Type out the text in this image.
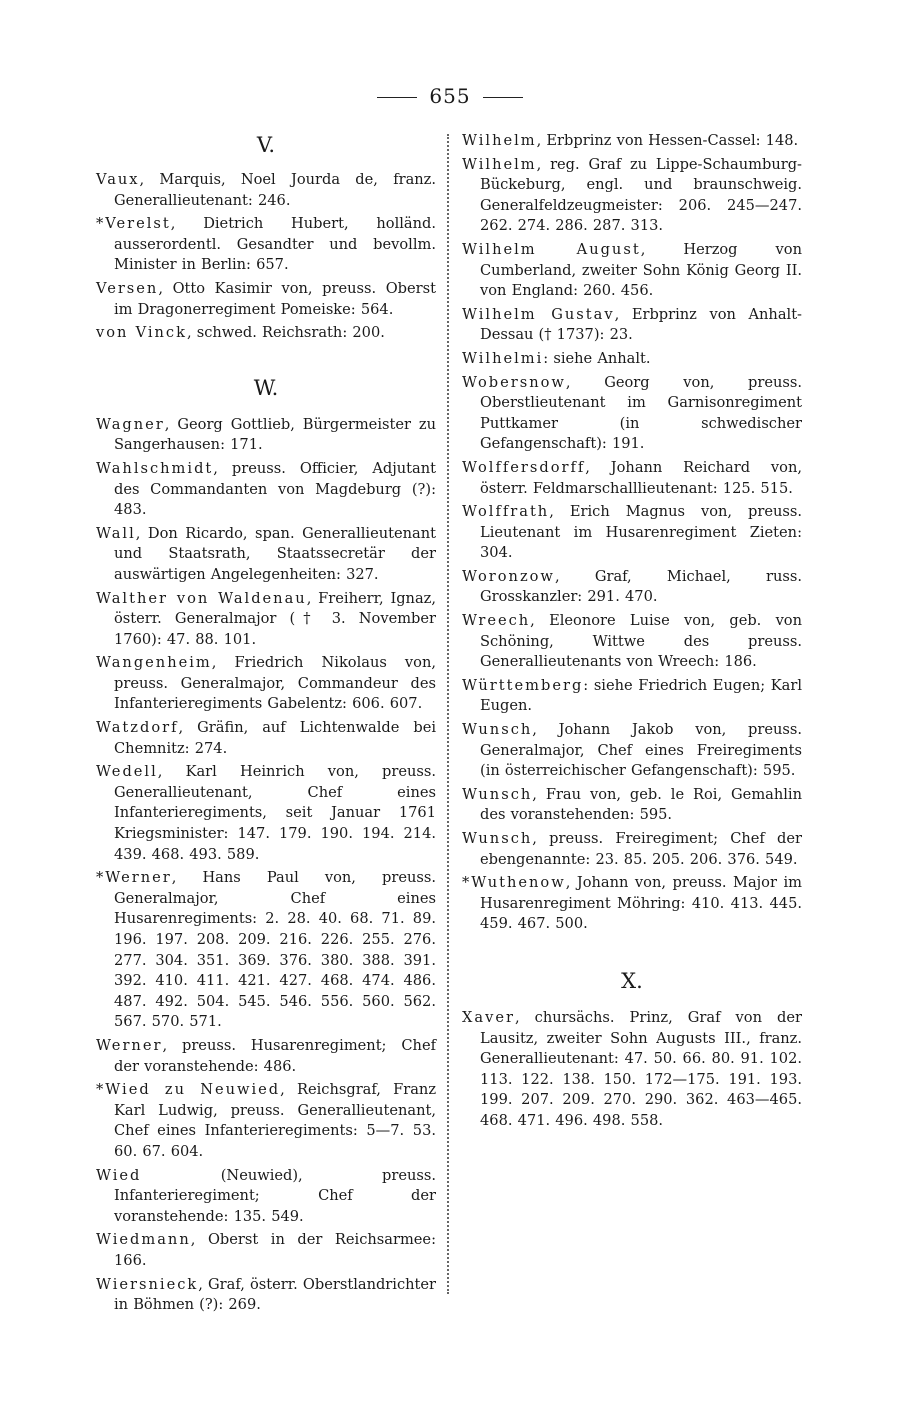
655
V.

Vaux, Marquis, Noel Jourda de, franz. Generallieutenant: 246.

*Verelst, Dietrich Hubert, holländ. ausserordentl. Gesandter und bevollm. Minister in Berlin: 657.

Versen, Otto Kasimir von, preuss. Oberst im Dragonerregiment Pomeiske: 564.

von Vinck, schwed. Reichsrath: 200.

W.

Wagner, Georg Gottlieb, Bürgermeister zu Sangerhausen: 171.

Wahlschmidt, preuss. Officier, Adjutant des Commandanten von Magdeburg (?): 483.

Wall, Don Ricardo, span. Generallieutenant und Staatsrath, Staatssecretär der auswärtigen Angelegenheiten: 327.

Walther von Waldenau, Freiherr, Ignaz, österr. Generalmajor († 3. November 1760): 47. 88. 101.

Wangenheim, Friedrich Nikolaus von, preuss. Generalmajor, Commandeur des Infanterieregiments Gabelentz: 606. 607.

Watzdorf, Gräfin, auf Lichtenwalde bei Chemnitz: 274.

Wedell, Karl Heinrich von, preuss. Generallieutenant, Chef eines Infanterieregiments, seit Januar 1761 Kriegsminister: 147. 179. 190. 194. 214. 439. 468. 493. 589.

*Werner, Hans Paul von, preuss. Generalmajor, Chef eines Husarenregiments: 2. 28. 40. 68. 71. 89. 196. 197. 208. 209. 216. 226. 255. 276. 277. 304. 351. 369. 376. 380. 388. 391. 392. 410. 411. 421. 427. 468. 474. 486. 487. 492. 504. 545. 546. 556. 560. 562. 567. 570. 571.

Werner, preuss. Husarenregiment; Chef der voranstehende: 486.

*Wied zu Neuwied, Reichsgraf, Franz Karl Ludwig, preuss. Generallieutenant, Chef eines Infanterieregiments: 5—7. 53. 60. 67. 604.

Wied (Neuwied), preuss. Infanterieregiment; Chef der voranstehende: 135. 549.

Wiedmann, Oberst in der Reichsarmee: 166.

Wiersnieck, Graf, österr. Oberstlandrichter in Böhmen (?): 269.

Wilhelm, Erbprinz von Hessen-Cassel: 148.

Wilhelm, reg. Graf zu Lippe-Schaumburg-Bückeburg, engl. und braunschweig. Generalfeldzeugmeister: 206. 245—247. 262. 274. 286. 287. 313.

Wilhelm August, Herzog von Cumberland, zweiter Sohn König Georg II. von England: 260. 456.

Wilhelm Gustav, Erbprinz von Anhalt-Dessau († 1737): 23.

Wilhelmi: siehe Anhalt.

Wobersnow, Georg von, preuss. Oberstlieutenant im Garnisonregiment Puttkamer (in schwedischer Gefangenschaft): 191.

Wolffersdorff, Johann Reichard von, österr. Feldmarschalllieutenant: 125. 515.

Wolffrath, Erich Magnus von, preuss. Lieutenant im Husarenregiment Zieten: 304.

Woronzow, Graf, Michael, russ. Grosskanzler: 291. 470.

Wreech, Eleonore Luise von, geb. von Schöning, Wittwe des preuss. Generallieutenants von Wreech: 186.

Württemberg: siehe Friedrich Eugen; Karl Eugen.

Wunsch, Johann Jakob von, preuss. Generalmajor, Chef eines Freiregiments (in österreichischer Gefangenschaft): 595.

Wunsch, Frau von, geb. le Roi, Gemahlin des voranstehenden: 595.

Wunsch, preuss. Freiregiment; Chef der ebengenannte: 23. 85. 205. 206. 376. 549.

*Wuthenow, Johann von, preuss. Major im Husarenregiment Möhring: 410. 413. 445. 459. 467. 500.

X.

Xaver, chursächs. Prinz, Graf von der Lausitz, zweiter Sohn Augusts III., franz. Generallieutenant: 47. 50. 66. 80. 91. 102. 113. 122. 138. 150. 172—175. 191. 193. 199. 207. 209. 270. 290. 362. 463—465. 468. 471. 496. 498. 558.
